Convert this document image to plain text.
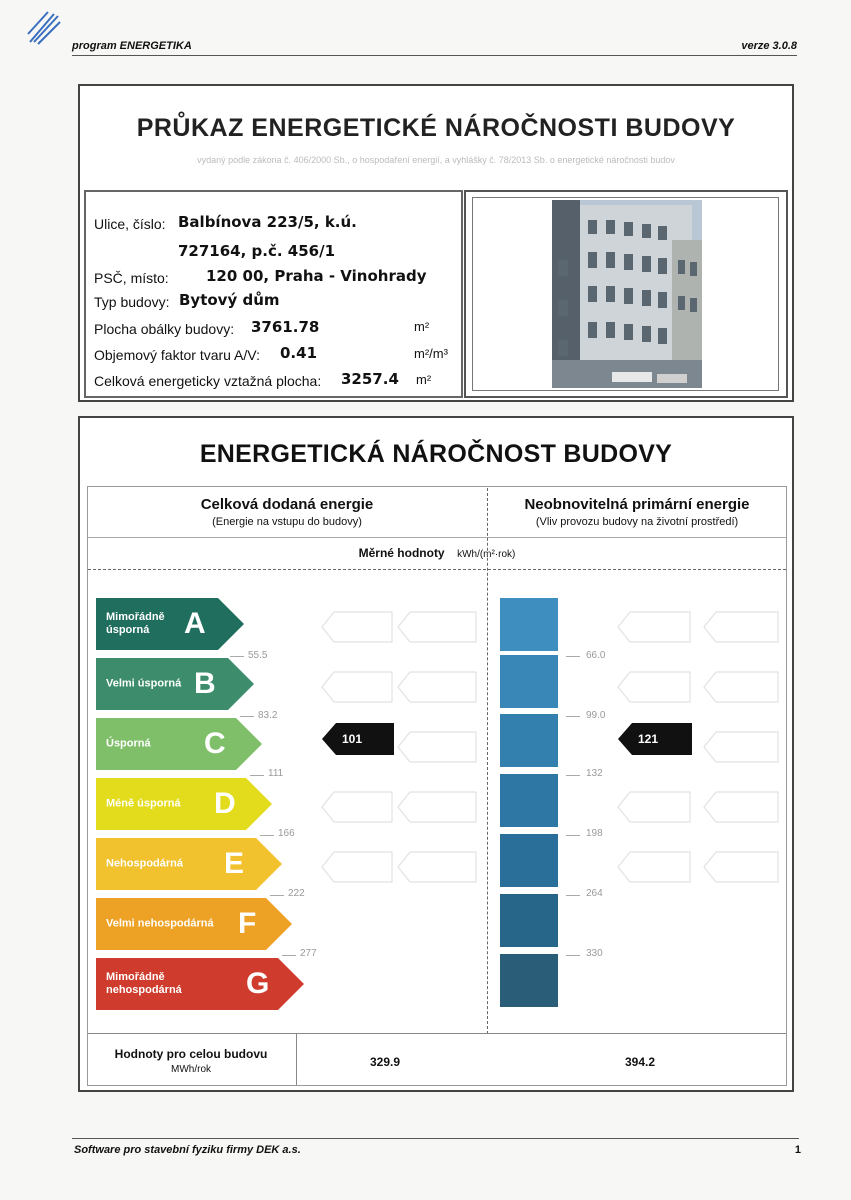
program ENERGETIKA	verze 3.0.8
PRŮKAZ ENERGETICKÉ NÁROČNOSTI BUDOVY
vydaný podle zákona č. 406/2000 Sb., o hospodaření energií, a vyhlášky č. 78/2013 Sb. o energetické náročnosti budov
Ulice, číslo: Balbínova 223/5, k.ú.
727164, p.č. 456/1
PSČ, místo: 120 00, Praha - Vinohrady
Typ budovy: Bytový dům
Plocha obálky budovy: 3761.78	m²
Objemový faktor tvaru A/V: 0.41	m²/m³
Celková energeticky vztažná plocha: 3257.4 m²
ENERGETICKÁ NÁROČNOST BUDOVY
Celková dodaná energie
(Energie na vstupu do budovy)
Neobnovitelná primární energie
(Vliv provozu budovy na životní prostředí)
Měrné hodnoty kWh/(m²·rok)
Mimořádně úsporná	A
Velmi úsporná B
Úsporná	C
Méně úsporná	D
Nehospodárná	E
Velmi nehospodárná F
Mimořádně nehospodárná	G
55.5
83.2
111
166
222
277
101
66.0
99.0
132
198
264
330
121
Hodnoty pro celou budovu
MWh/rok
329.9	394.2
Software pro stavební fyziku firmy DEK a.s.	1
